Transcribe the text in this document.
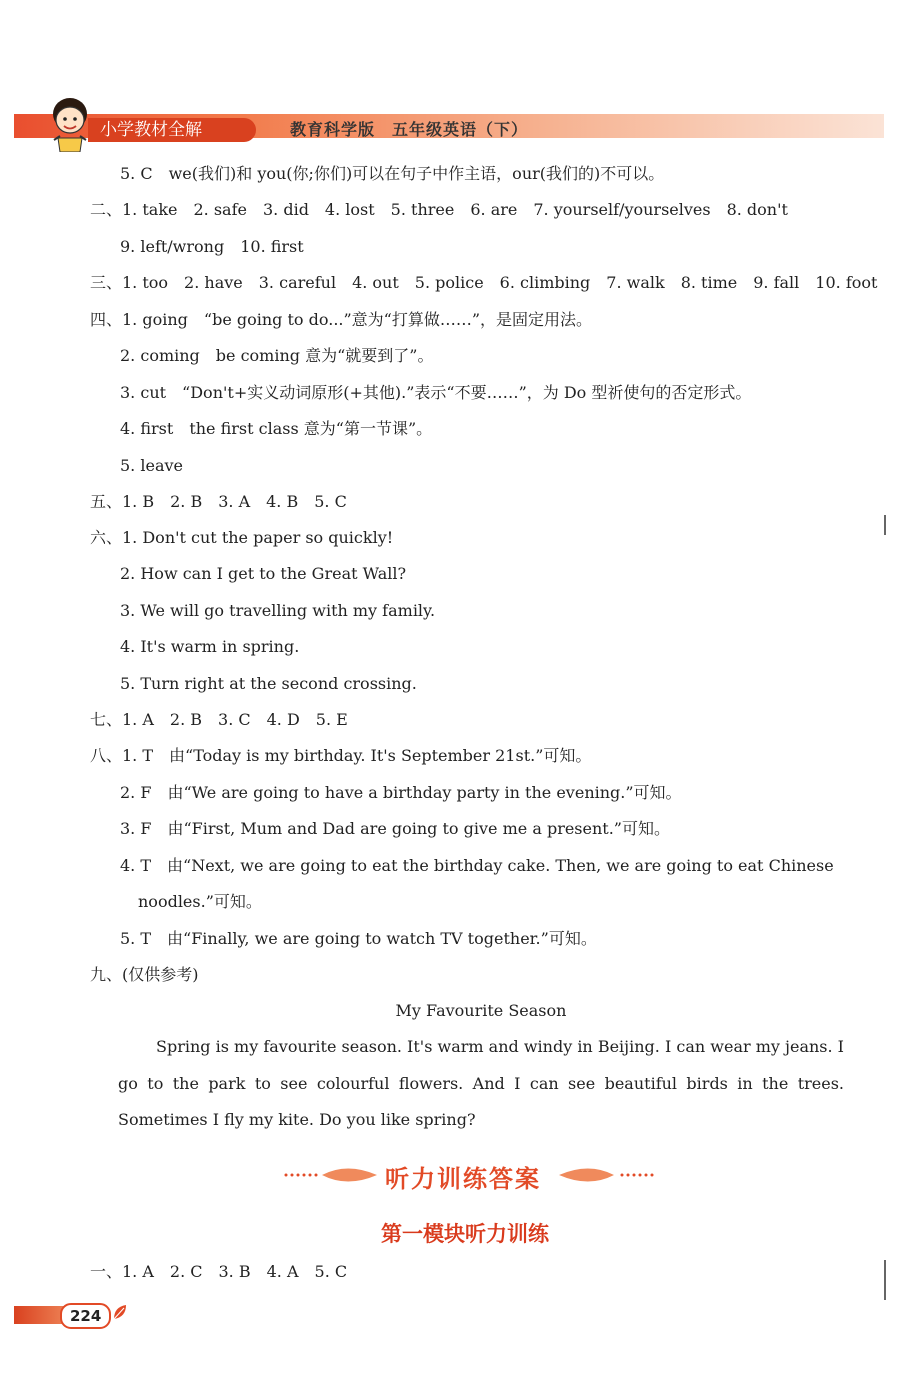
小学教材全解	教育科学版　五年级英语（下）
5. C　we(我们)和 you(你;你们)可以在句子中作主语，our(我们的)不可以。
二、1. take　2. safe　3. did　4. lost　5. three　6. are　7. yourself/yourselves　8. don't
9. left/wrong　10. first
三、1. too　2. have　3. careful　4. out　5. police　6. climbing　7. walk　8. time　9. fall　10. foot
四、1. going　“be going to do...”意为“打算做……”，是固定用法。
2. coming　be coming 意为“就要到了”。
3. cut　“Don't+实义动词原形(+其他).”表示“不要……”，为 Do 型祈使句的否定形式。
4. first　the first class 意为“第一节课”。
5. leave
五、1. B　2. B　3. A　4. B　5. C
六、1. Don't cut the paper so quickly!
2. How can I get to the Great Wall?
3. We will go travelling with my family.
4. It's warm in spring.
5. Turn right at the second crossing.
七、1. A　2. B　3. C　4. D　5. E
八、1. T　由“Today is my birthday. It's September 21st.”可知。
2. F　由“We are going to have a birthday party in the evening.”可知。
3. F　由“First, Mum and Dad are going to give me a present.”可知。
4. T　由“Next, we are going to eat the birthday cake. Then, we are going to eat Chinese
noodles.”可知。
5. T　由“Finally, we are going to watch TV together.”可知。
九、(仅供参考)
My Favourite Season
Spring is my favourite season. It's warm and windy in Beijing. I can wear my jeans. I go to the park to see colourful flowers. And I can see beautiful birds in the trees. Sometimes I fly my kite. Do you like spring?
听力训练答案
第一模块听力训练
一、1. A　2. C　3. B　4. A　5. C
224
